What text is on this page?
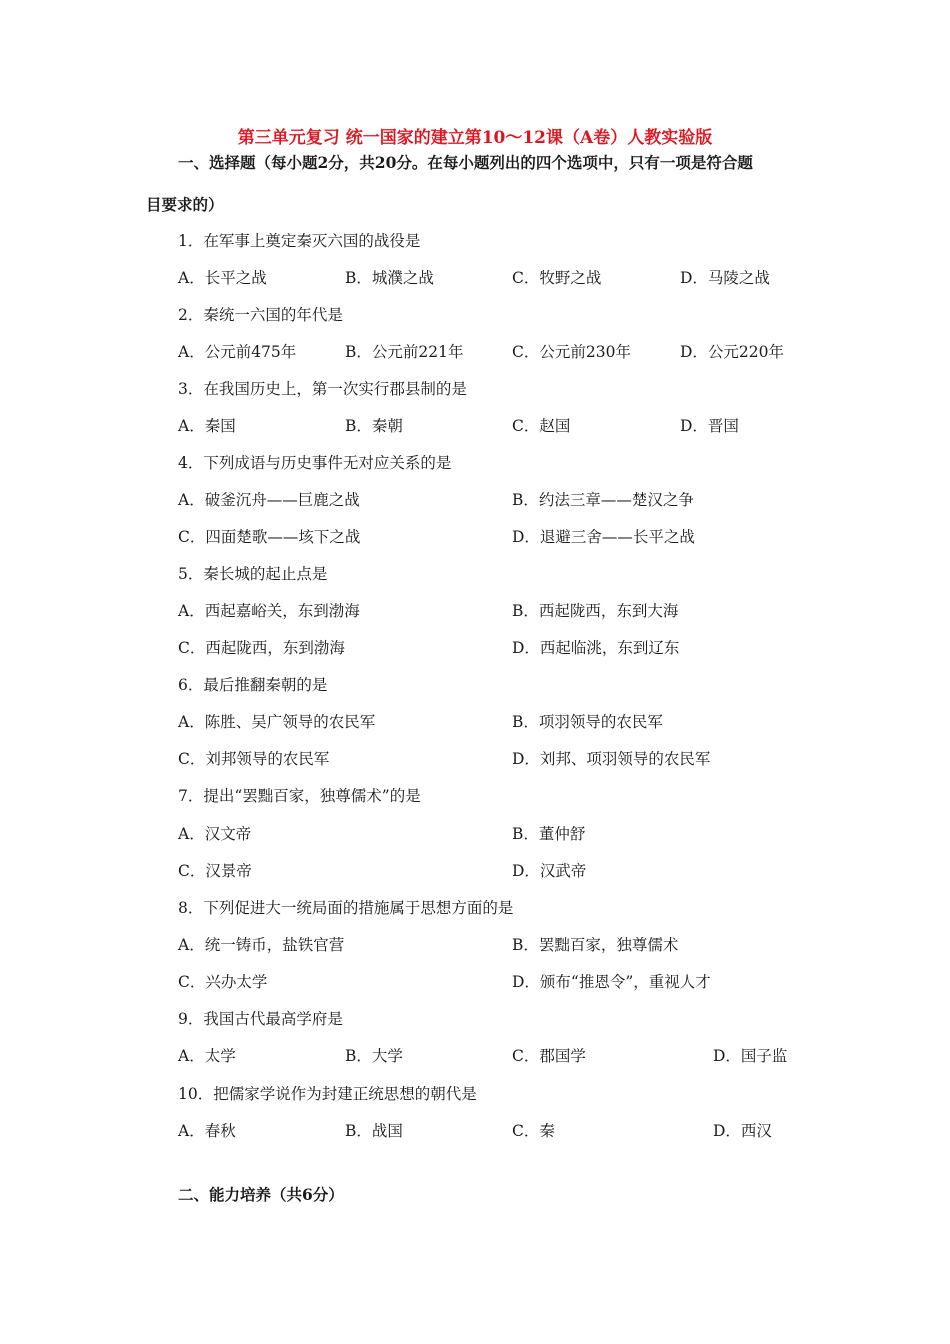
第三单元复习 统一国家的建立第10～12课（A卷）人教实验版
一、选择题（每小题2分，共20分。在每小题列出的四个选项中，只有一项是符合题
目要求的）
1．在军事上奠定秦灭六国的战役是
A．长平之战	B．城濮之战	C．牧野之战	D．马陵之战
2．秦统一六国的年代是
A．公元前475年	B．公元前221年	C．公元前230年	D．公元220年
3．在我国历史上，第一次实行郡县制的是
A．秦国	B．秦朝	C．赵国	D．晋国
4．下列成语与历史事件无对应关系的是
A．破釜沉舟——巨鹿之战	B．约法三章——楚汉之争
C．四面楚歌——垓下之战	D．退避三舍——长平之战
5．秦长城的起止点是
A．西起嘉峪关，东到渤海	B．西起陇西，东到大海
C．西起陇西，东到渤海	D．西起临洮，东到辽东
6．最后推翻秦朝的是
A．陈胜、吴广领导的农民军	B．项羽领导的农民军
C．刘邦领导的农民军	D．刘邦、项羽领导的农民军
7．提出“罢黜百家，独尊儒术”的是
A．汉文帝	B．董仲舒
C．汉景帝	D．汉武帝
8．下列促进大一统局面的措施属于思想方面的是
A．统一铸币，盐铁官营	B．罢黜百家，独尊儒术
C．兴办太学	D．颁布“推恩令”，重视人才
9．我国古代最高学府是
A．太学	B．大学	C．郡国学	D．国子监
10．把儒家学说作为封建正统思想的朝代是
A．春秋	B．战国	C．秦	D．西汉
二、能力培养（共6分）
